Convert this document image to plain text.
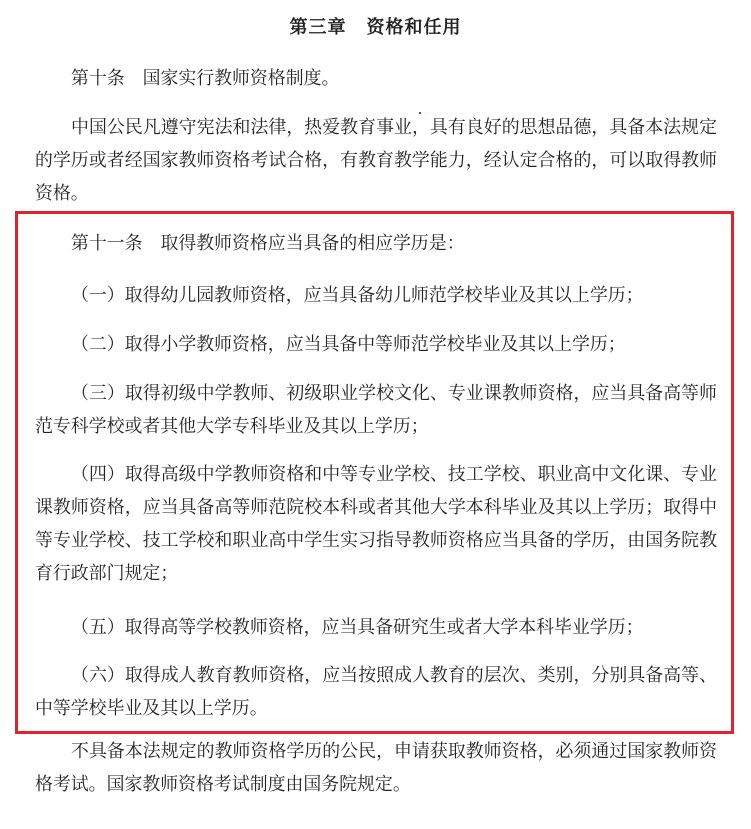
第三章 资格和任用

第十条　国家实行教师资格制度。

中国公民凡遵守宪法和法律，热爱教育事业，具有良好的思想品德，具备本法规定的学历或者经国家教师资格考试合格，有教育教学能力，经认定合格的，可以取得教师资格。

第十一条　取得教师资格应当具备的相应学历是：

（一）取得幼儿园教师资格，应当具备幼儿师范学校毕业及其以上学历；

（二）取得小学教师资格，应当具备中等师范学校毕业及其以上学历；

（三）取得初级中学教师、初级职业学校文化、专业课教师资格，应当具备高等师范专科学校或者其他大学专科毕业及其以上学历；

（四）取得高级中学教师资格和中等专业学校、技工学校、职业高中文化课、专业课教师资格，应当具备高等师范院校本科或者其他大学本科毕业及其以上学历；取得中等专业学校、技工学校和职业高中学生实习指导教师资格应当具备的学历，由国务院教育行政部门规定；

（五）取得高等学校教师资格，应当具备研究生或者大学本科毕业学历；

（六）取得成人教育教师资格，应当按照成人教育的层次、类别，分别具备高等、中等学校毕业及其以上学历。

不具备本法规定的教师资格学历的公民，申请获取教师资格，必须通过国家教师资格考试。国家教师资格考试制度由国务院规定。
